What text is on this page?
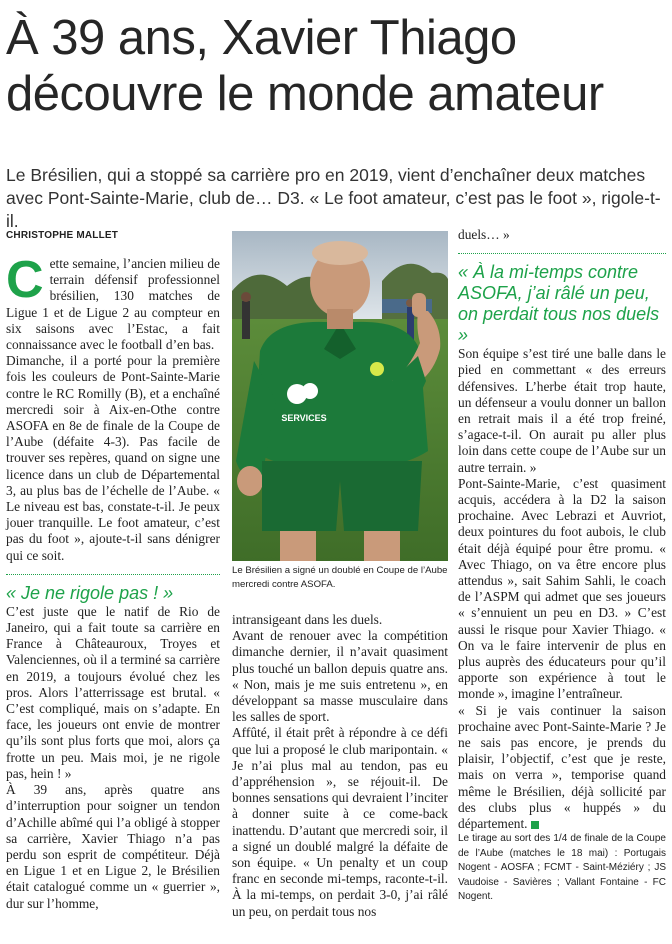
À 39 ans, Xavier Thiago découvre le monde amateur

Le Brésilien, qui a stoppé sa carrière pro en 2019, vient d’enchaîner deux matches avec Pont-Sainte-Marie, club de… D3. « Le foot amateur, c’est pas le foot », rigole-t-il.

CHRISTOPHE MALLET

Cette semaine, l’ancien milieu de terrain défensif professionnel brésilien, 130 matches de Ligue 1 et de Ligue 2 au compteur en six saisons avec l’Estac, a fait connaissance avec le football d’en bas.

Dimanche, il a porté pour la première fois les couleurs de Pont-Sainte-Marie contre le RC Romilly (B), et a enchaîné mercredi soir à Aix-en-Othe contre ASOFA en 8e de finale de la Coupe de l’Aube (défaite 4-3). Pas facile de trouver ses repères, quand on signe une licence dans un club de Départemental 3, au plus bas de l’échelle de l’Aube. « Le niveau est bas, constate-t-il. Je peux jouer tranquille. Le foot amateur, c’est pas du foot », ajoute-t-il sans dénigrer qui ce soit.

« Je ne rigole pas ! »

C’est juste que le natif de Rio de Janeiro, qui a fait toute sa carrière en France à Châteauroux, Troyes et Valenciennes, où il a terminé sa carrière en 2019, a toujours évolué chez les pros. Alors l’atterrissage est brutal. « C’est compliqué, mais on s’adapte. En face, les joueurs ont envie de montrer qu’ils sont plus forts que moi, alors ça frotte un peu. Mais moi, je ne rigole pas, hein ! »

À 39 ans, après quatre ans d’interruption pour soigner un tendon d’Achille abîmé qui l’a obligé à stopper sa carrière, Xavier Thiago n’a pas perdu son esprit de compétiteur. Déjà en Ligue 1 et en Ligue 2, le Brésilien était catalogué comme un « guerrier », dur sur l’homme,

SERVICES

Le Brésilien a signé un doublé en Coupe de l’Aube mercredi contre ASOFA.

intransigeant dans les duels.

Avant de renouer avec la compétition dimanche dernier, il n’avait quasiment plus touché un ballon depuis quatre ans. « Non, mais je me suis entretenu », en développant sa masse musculaire dans les salles de sport.

Affûté, il était prêt à répondre à ce défi que lui a proposé le club maripontain. « Je n’ai plus mal au tendon, pas eu d’appréhension », se réjouit-il. De bonnes sensations qui devraient l’inciter à donner suite à ce come-back inattendu. D’autant que mercredi soir, il a signé un doublé malgré la défaite de son équipe. « Un penalty et un coup franc en seconde mi-temps, raconte-t-il. À la mi-temps, on perdait 3-0, j’ai râlé un peu, on perdait tous nos

duels… »

« À la mi-temps contre ASOFA, j’ai râlé un peu, on perdait tous nos duels »

Son équipe s’est tiré une balle dans le pied en commettant « des erreurs défensives. L’herbe était trop haute, un défenseur a voulu donner un ballon en retrait mais il a été trop freiné, s’agace-t-il. On aurait pu aller plus loin dans cette coupe de l’Aube sur un autre terrain. »

Pont-Sainte-Marie, c’est quasiment acquis, accédera à la D2 la saison prochaine. Avec Lebrazi et Auvriot, deux pointures du foot aubois, le club était déjà équipé pour être promu. « Avec Thiago, on va être encore plus attendus », sait Sahim Sahli, le coach de l’ASPM qui admet que ses joueurs « s’ennuient un peu en D3. » C’est aussi le risque pour Xavier Thiago. « On va le faire intervenir de plus en plus auprès des éducateurs pour qu’il apporte son expérience à tout le monde », imagine l’entraîneur.

« Si je vais continuer la saison prochaine avec Pont-Sainte-Marie ? Je ne sais pas encore, je prends du plaisir, l’objectif, c’est que je reste, mais on verra », temporise quand même le Brésilien, déjà sollicité par des clubs plus « huppés » du département.

Le tirage au sort des 1/4 de finale de la Coupe de l’Aube (matches le 18 mai) : Portugais Nogent - AOSFA ; FCMT - Saint-Méziéry ; JS Vaudoise - Savières ; Vallant Fontaine - FC Nogent.
